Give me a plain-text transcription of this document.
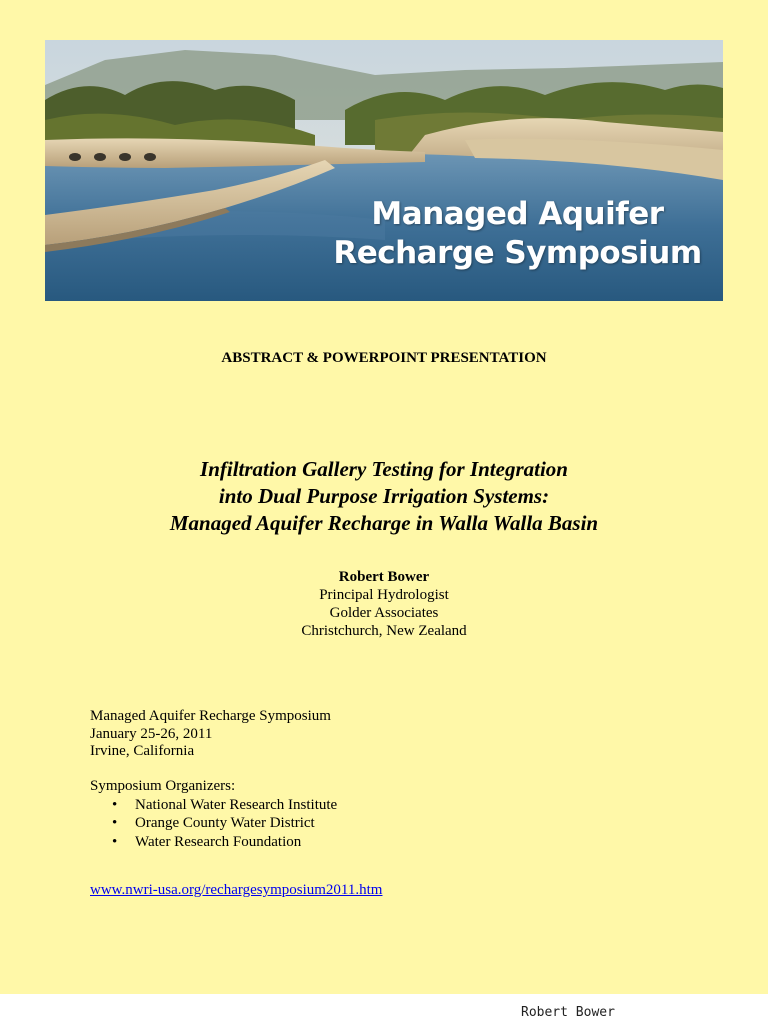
Managed Aquifer
Recharge Symposium
ABSTRACT & POWERPOINT PRESENTATION
Infiltration Gallery Testing for Integration
into Dual Purpose Irrigation Systems:
Managed Aquifer Recharge in Walla Walla Basin
Robert Bower
Principal Hydrologist
Golder Associates
Christchurch, New Zealand
Managed Aquifer Recharge Symposium
January 25-26, 2011
Irvine, California
Symposium Organizers:
• National Water Research Institute
• Orange County Water District
• Water Research Foundation
www.nwri-usa.org/rechargesymposium2011.htm
Robert Bower
